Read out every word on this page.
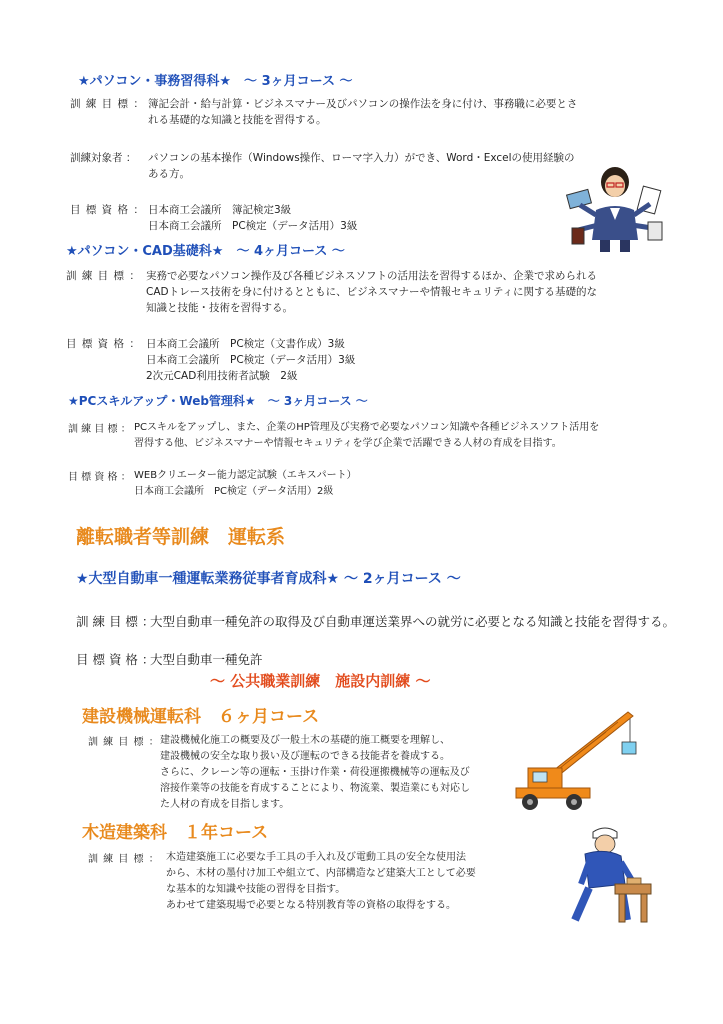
★パソコン・事務習得科★　～ 3ヶ月コース ～
訓 練 目 標 ： 簿記会計・給与計算・ビジネスマナー及びパソコンの操作法を身に付け、事務職に必要とさ
れる基礎的な知識と技能を習得する。
訓練対象者 ： パソコンの基本操作（Windows操作、ローマ字入力）ができ、Word・Excelの使用経験の
ある方。
目 標 資 格 ： 日本商工会議所　簿記検定3級
日本商工会議所　PC検定（データ活用）3級
★パソコン・CAD基礎科★　～ 4ヶ月コース ～
訓 練 目 標 ： 実務で必要なパソコン操作及び各種ビジネスソフトの活用法を習得するほか、企業で求められる
CADトレース技術を身に付けるとともに、ビジネスマナーや情報セキュリティに関する基礎的な
知識と技能・技術を習得する。
目 標 資 格 ： 日本商工会議所　PC検定（文書作成）3級
日本商工会議所　PC検定（データ活用）3級
2次元CAD利用技術者試験　2級
★PCスキルアップ・Web管理科★　～ 3ヶ月コース ～
訓 練 目 標 ： PCスキルをアップし、また、企業のHP管理及び実務で必要なパソコン知識や各種ビジネスソフト活用を
習得する他、ビジネスマナーや情報セキュリティを学び企業で活躍できる人材の育成を目指す。
目 標 資 格 ： WEBクリエーター能力認定試験（エキスパート）
日本商工会議所　PC検定（データ活用）2級
離転職者等訓練　運転系
★大型自動車一種運転業務従事者育成科★ ～ 2ヶ月コース ～
訓 練 目 標 ：
大型自動車一種免許の取得及び自動車運送業界への就労に必要となる知識と技能を習得する。
目 標 資 格 ：
大型自動車一種免許
～ 公共職業訓練　施設内訓練 ～
建設機械運転科　６ヶ月コース
訓 練 目 標 ： 建設機械化施工の概要及び一般土木の基礎的施工概要を理解し、
建設機械の安全な取り扱い及び運転のできる技能者を養成する。
さらに、クレーン等の運転・玉掛け作業・荷役運搬機械等の運転及び
溶接作業等の技能を育成することにより、物流業、製造業にも対応し
た人材の育成を目指します。
木造建築科　１年コース
訓 練 目 標 ： 木造建築施工に必要な手工具の手入れ及び電動工具の安全な使用法
から、木材の墨付け加工や組立て、内部構造など建築大工として必要
な基本的な知識や技能の習得を目指す。
あわせて建築現場で必要となる特別教育等の資格の取得をする。
